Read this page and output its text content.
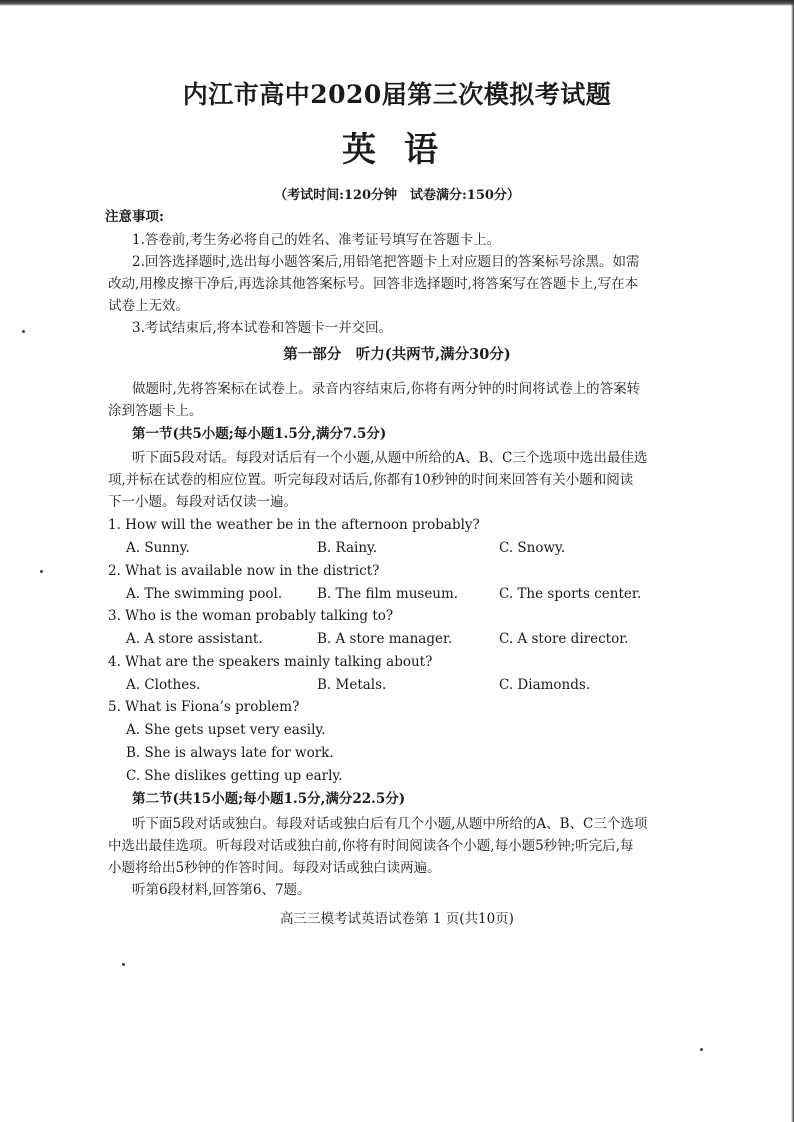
内江市高中2020届第三次模拟考试题
英语
（考试时间:120分钟　试卷满分:150分）
注意事项:
1.答卷前,考生务必将自己的姓名、准考证号填写在答题卡上。
2.回答选择题时,选出每小题答案后,用铅笔把答题卡上对应题目的答案标号涂黑。如需
改动,用橡皮擦干净后,再选涂其他答案标号。回答非选择题时,将答案写在答题卡上,写在本
试卷上无效。
3.考试结束后,将本试卷和答题卡一并交回。
第一部分　听力(共两节,满分30分)
做题时,先将答案标在试卷上。录音内容结束后,你将有两分钟的时间将试卷上的答案转
涂到答题卡上。
第一节(共5小题;每小题1.5分,满分7.5分)
听下面5段对话。每段对话后有一个小题,从题中所给的A、B、C三个选项中选出最佳选
项,并标在试卷的相应位置。听完每段对话后,你都有10秒钟的时间来回答有关小题和阅读
下一小题。每段对话仅读一遍。
1. How will the weather be in the afternoon probably?
A. Sunny.	B. Rainy.	C. Snowy.
2. What is available now in the district?
A. The swimming pool.	B. The film museum.	C. The sports center.
3. Who is the woman probably talking to?
A. A store assistant.	B. A store manager.	C. A store director.
4. What are the speakers mainly talking about?
A. Clothes.	B. Metals.	C. Diamonds.
5. What is Fiona’s problem?
A. She gets upset very easily.
B. She is always late for work.
C. She dislikes getting up early.
第二节(共15小题;每小题1.5分,满分22.5分)
听下面5段对话或独白。每段对话或独白后有几个小题,从题中所给的A、B、C三个选项
中选出最佳选项。听每段对话或独白前,你将有时间阅读各个小题,每小题5秒钟;听完后,每
小题将给出5秒钟的作答时间。每段对话或独白读两遍。
听第6段材料,回答第6、7题。
高三三模考试英语试卷第 1 页(共10页)
